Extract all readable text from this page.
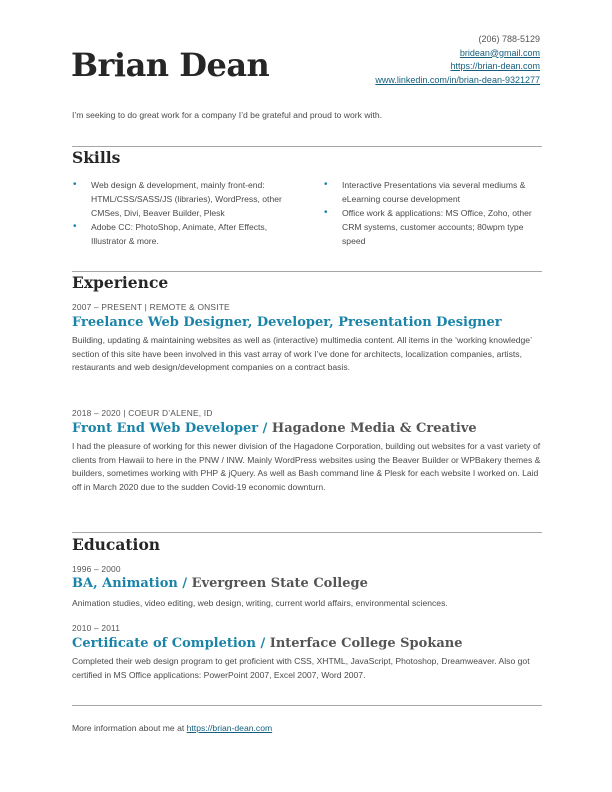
Brian Dean
(206) 788-5129
bridean@gmail.com
https://brian-dean.com
www.linkedin.com/in/brian-dean-9321277
I’m seeking to do great work for a company I’d be grateful and proud to work with.
Skills
• Web design & development, mainly front-end: HTML/CSS/SASS/JS (libraries), WordPress, other CMSes, Divi, Beaver Builder, Plesk
• Adobe CC: PhotoShop, Animate, After Effects, Illustrator & more.
• Interactive Presentations via several mediums & eLearning course development
• Office work & applications: MS Office, Zoho, other CRM systems, customer accounts; 80wpm type speed
Experience
2007 – PRESENT | REMOTE & ONSITE
Freelance Web Designer, Developer, Presentation Designer
Building, updating & maintaining websites as well as (interactive) multimedia content. All items in the ‘working knowledge’ section of this site have been involved in this vast array of work I’ve done for architects, localization companies, artists, restaurants and web design/development companies on a contract basis.
2018 – 2020 | COEUR D’ALENE, ID
Front End Web Developer / Hagadone Media & Creative
I had the pleasure of working for this newer division of the Hagadone Corporation, building out websites for a vast variety of clients from Hawaii to here in the PNW / INW. Mainly WordPress websites using the Beaver Builder or WPBakery themes & builders, sometimes working with PHP & jQuery. As well as Bash command line & Plesk for each website I worked on. Laid off in March 2020 due to the sudden Covid-19 economic downturn.
Education
1996 – 2000
BA, Animation / Evergreen State College
Animation studies, video editing, web design, writing, current world affairs, environmental sciences.
2010 – 2011
Certificate of Completion / Interface College Spokane
Completed their web design program to get proficient with CSS, XHTML, JavaScript, Photoshop, Dreamweaver. Also got certified in MS Office applications: PowerPoint 2007, Excel 2007, Word 2007.
More information about me at https://brian-dean.com
